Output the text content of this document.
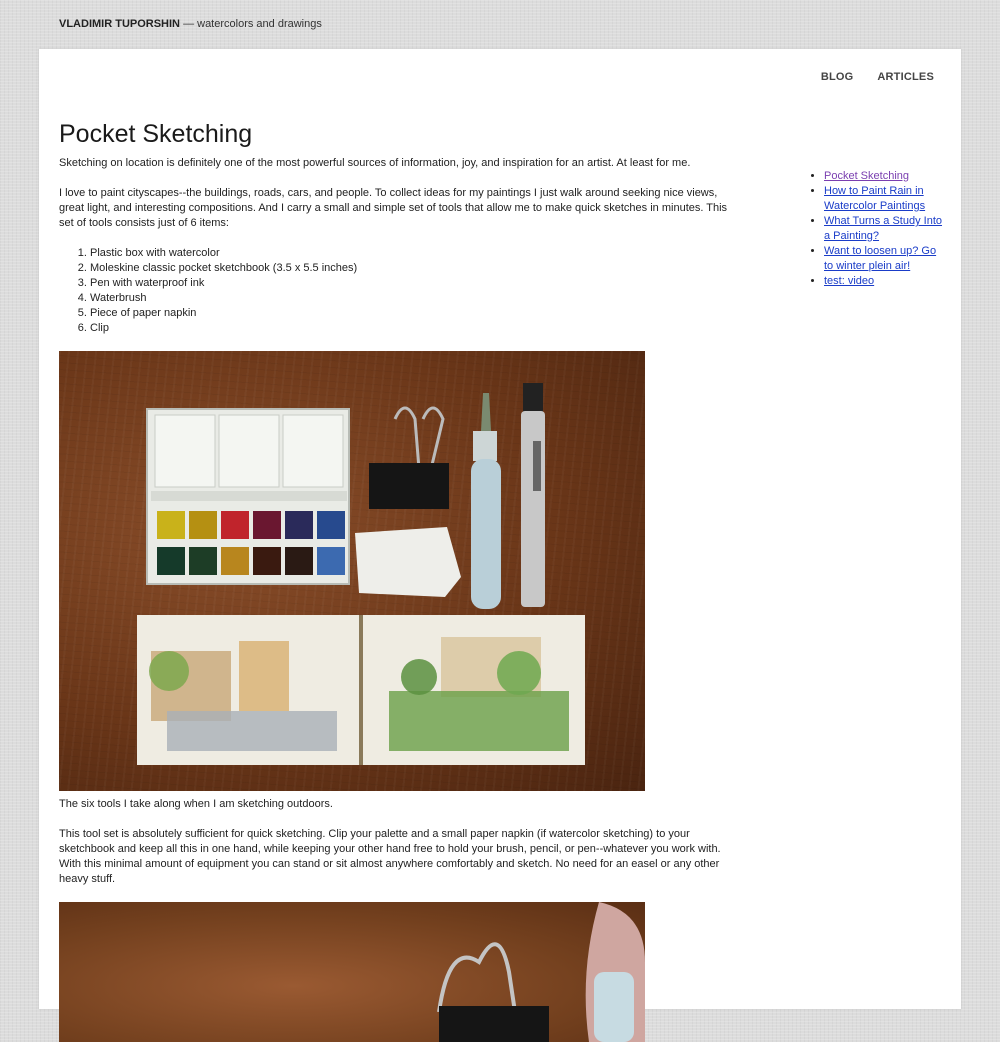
VLADIMIR TUPORSHIN — watercolors and drawings
BLOG ARTICLES
Pocket Sketching

Sketching on location is definitely one of the most powerful sources of information, joy, and inspiration for an artist. At least for me.

I love to paint cityscapes--the buildings, roads, cars, and people. To collect ideas for my paintings I just walk around seeking nice views, great light, and interesting compositions. And I carry a small and simple set of tools that allow me to make quick sketches in minutes. This set of tools consists just of 6 items:

1. Plastic box with watercolor
2. Moleskine classic pocket sketchbook (3.5 x 5.5 inches)
3. Pen with waterproof ink
4. Waterbrush
5. Piece of paper napkin
6. Clip

The six tools I take along when I am sketching outdoors.

This tool set is absolutely sufficient for quick sketching. Clip your palette and a small paper napkin (if watercolor sketching) to your sketchbook and keep all this in one hand, while keeping your other hand free to hold your brush, pencil, or pen--whatever you work with. With this minimal amount of equipment you can stand or sit almost anywhere comfortably and sketch. No need for an easel or any other heavy stuff.

• Pocket Sketching
• How to Paint Rain in Watercolor Paintings
• What Turns a Study Into a Painting?
• Want to loosen up? Go to winter plein air!
• test: video
